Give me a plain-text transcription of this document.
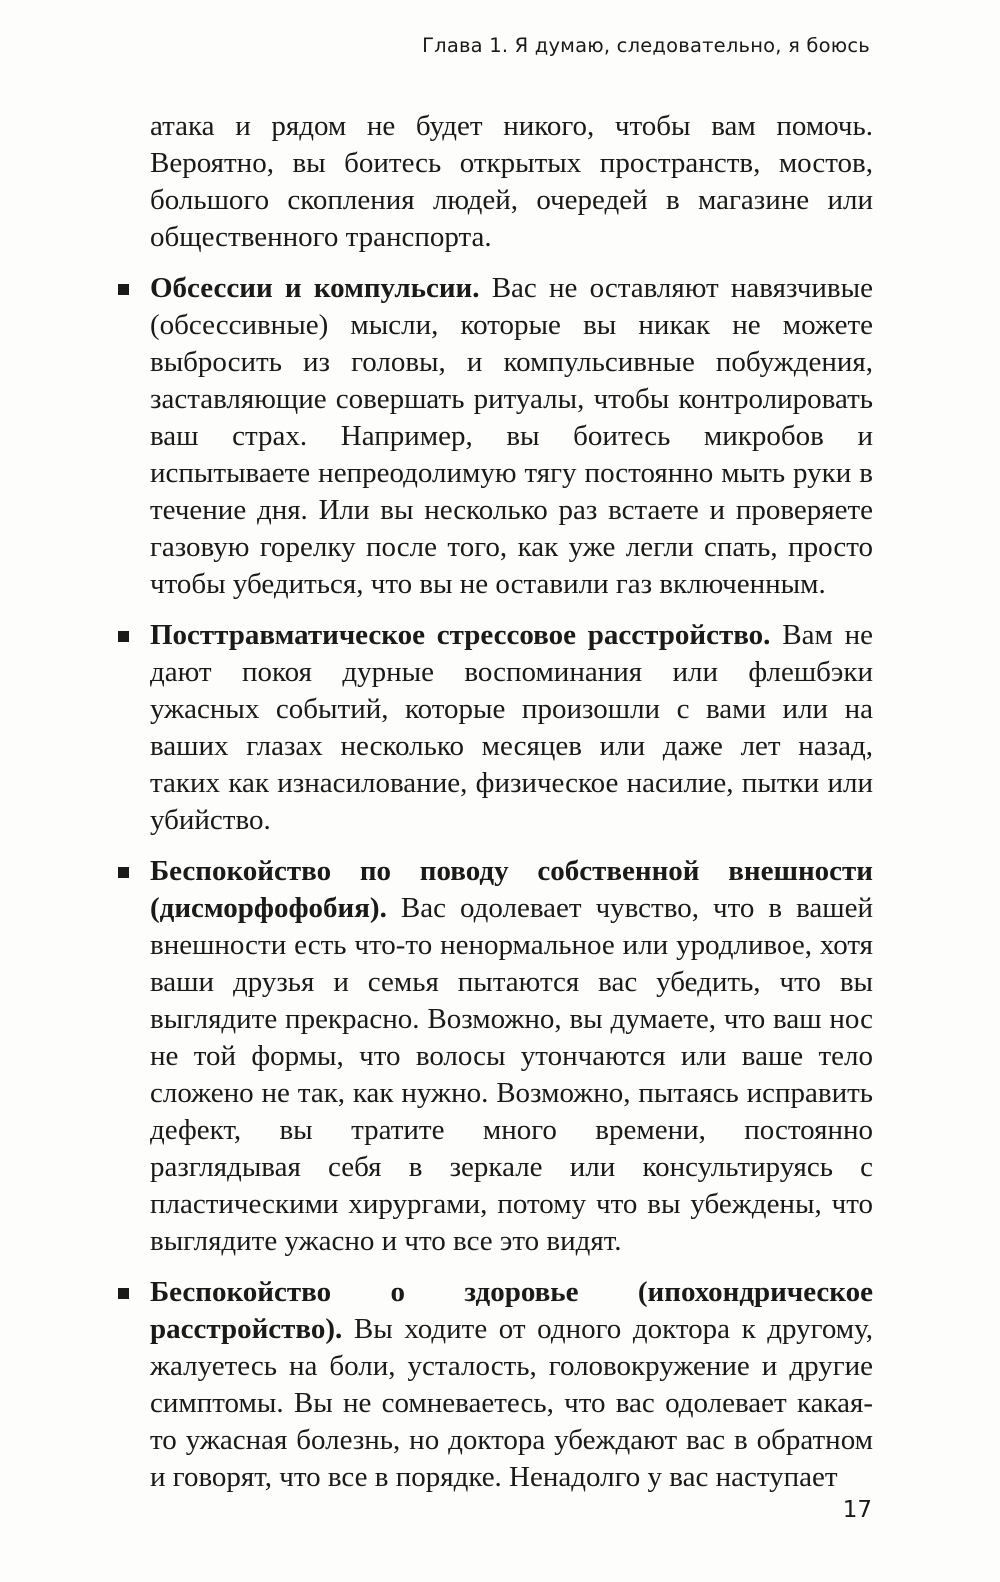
Глава 1. Я думаю, следовательно, я боюсь

атака и рядом не будет никого, чтобы вам помочь. Вероятно, вы боитесь открытых пространств, мостов, большого скопления людей, очередей в магазине или общественного транспорта.

Обсессии и компульсии. Вас не оставляют навязчивые (обсессивные) мысли, которые вы никак не можете выбросить из головы, и компульсивные побуждения, заставляющие совершать ритуалы, чтобы контролировать ваш страх. Например, вы боитесь микробов и испытываете непреодолимую тягу постоянно мыть руки в течение дня. Или вы несколько раз встаете и проверяете газовую горелку после того, как уже легли спать, просто чтобы убедиться, что вы не оставили газ включенным.
Посттравматическое стрессовое расстройство. Вам не дают покоя дурные воспоминания или флешбэки ужасных событий, которые произошли с вами или на ваших глазах несколько месяцев или даже лет назад, таких как изнасилование, физическое насилие, пытки или убийство.
Беспокойство по поводу собственной внешности (дисморфофобия). Вас одолевает чувство, что в вашей внешности есть что-то ненормальное или уродливое, хотя ваши друзья и семья пытаются вас убедить, что вы выглядите прекрасно. Возможно, вы думаете, что ваш нос не той формы, что волосы утончаются или ваше тело сложено не так, как нужно. Возможно, пытаясь исправить дефект, вы тратите много времени, постоянно разглядывая себя в зеркале или консультируясь с пластическими хирургами, потому что вы убеждены, что выглядите ужасно и что все это видят.
Беспокойство о здоровье (ипохондрическое расстройство). Вы ходите от одного доктора к другому, жалуетесь на боли, усталость, головокружение и другие симптомы. Вы не сомневаетесь, что вас одолевает какая-то ужасная болезнь, но доктора убеждают вас в обратном и говорят, что все в порядке. Ненадолго у вас наступает
17
